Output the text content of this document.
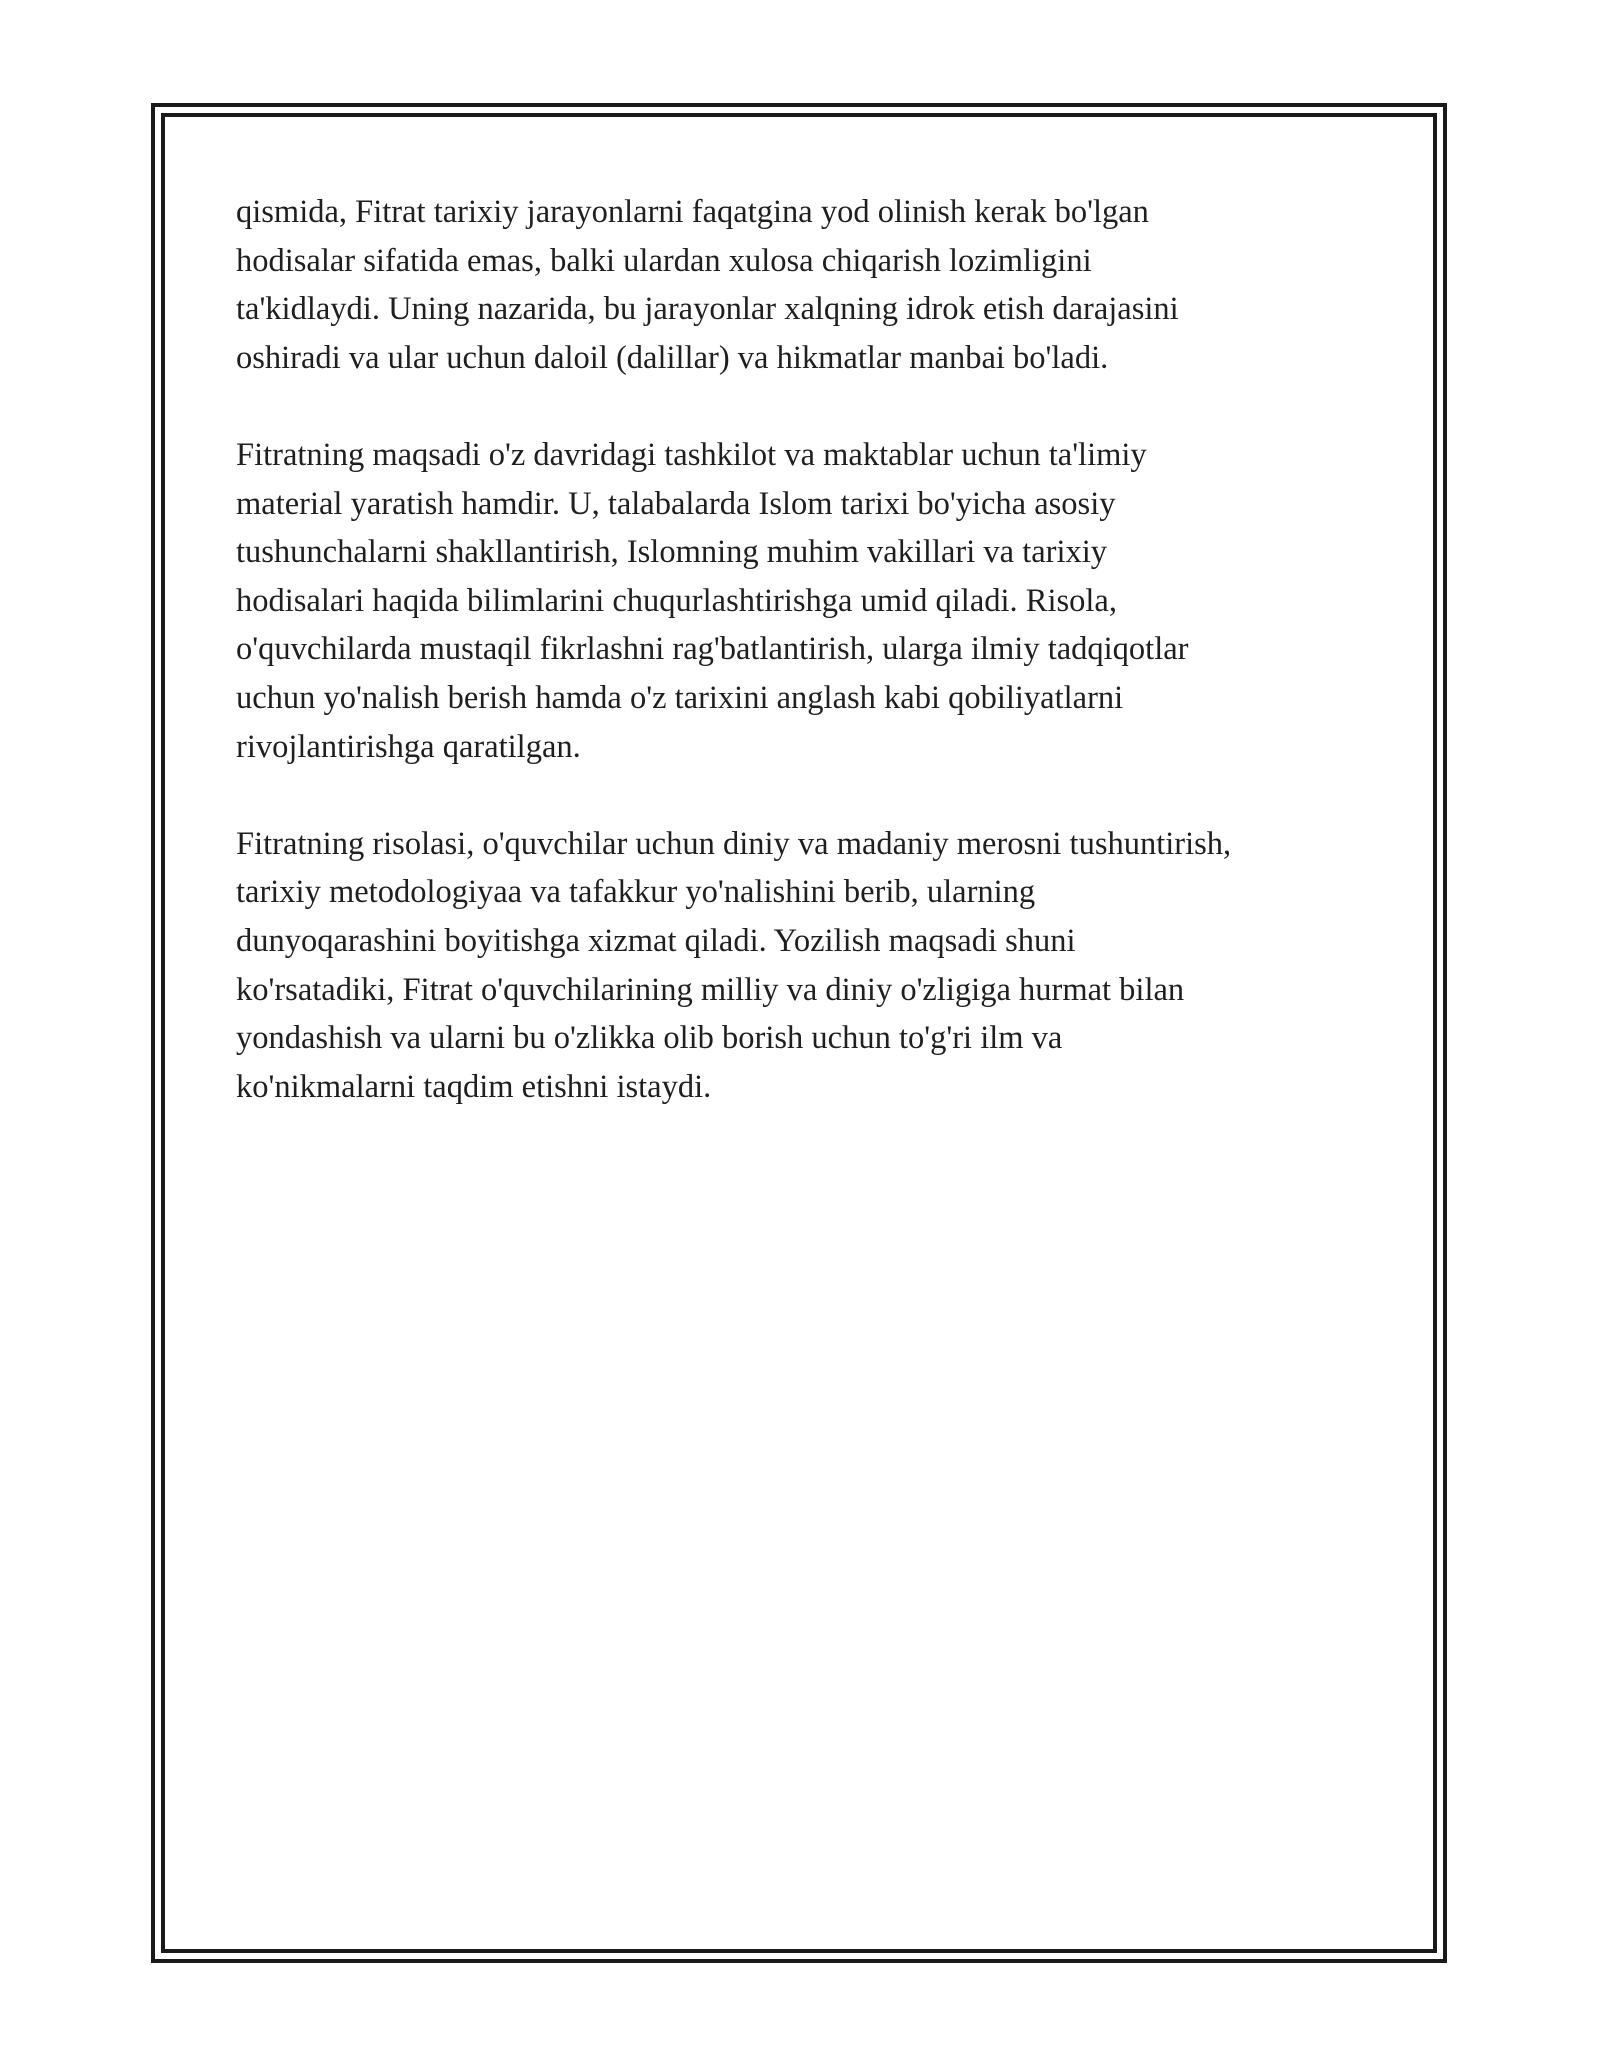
qismida, Fitrat tarixiy jarayonlarni faqatgina yod olinish kerak bo'lgan
hodisalar sifatida emas, balki ulardan xulosa chiqarish lozimligini
ta'kidlaydi. Uning nazarida, bu jarayonlar xalqning idrok etish darajasini
oshiradi va ular uchun daloil (dalillar) va hikmatlar manbai bo'ladi.

Fitratning maqsadi o'z davridagi tashkilot va maktablar uchun ta'limiy
material yaratish hamdir. U, talabalarda Islom tarixi bo'yicha asosiy
tushunchalarni shakllantirish, Islomning muhim vakillari va tarixiy
hodisalari haqida bilimlarini chuqurlashtirishga umid qiladi. Risola,
o'quvchilarda mustaqil fikrlashni rag'batlantirish, ularga ilmiy tadqiqotlar
uchun yo'nalish berish hamda o'z tarixini anglash kabi qobiliyatlarni
rivojlantirishga qaratilgan.

Fitratning risolasi, o'quvchilar uchun diniy va madaniy merosni tushuntirish,
tarixiy metodologiyaa va tafakkur yo'nalishini berib, ularning
dunyoqarashini boyitishga xizmat qiladi. Yozilish maqsadi shuni
ko'rsatadiki, Fitrat o'quvchilarining milliy va diniy o'zligiga hurmat bilan
yondashish va ularni bu o'zlikka olib borish uchun to'g'ri ilm va
ko'nikmalarni taqdim etishni istaydi.
